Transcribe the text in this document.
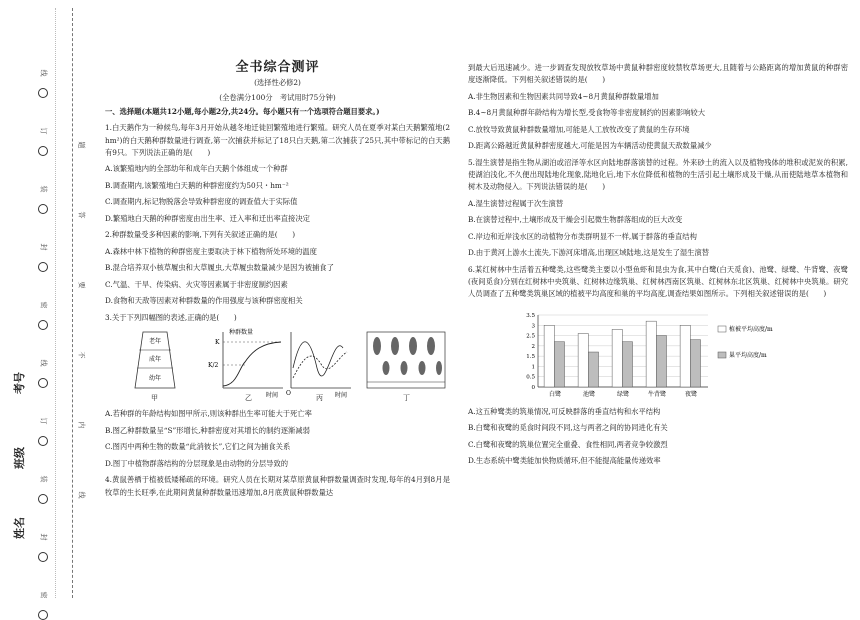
线
订
装
封
密
线
订
装
封
密
题
答
要
不
内
线
考号
班级
姓名
全书综合测评
(选择性必修2)
(全卷满分100分　考试用时75分钟)

一、选择题(本题共12小题,每小题2分,共24分。每小题只有一个选项符合题目要求。)

1.白天鹅作为一种候鸟,每年3月开始从越冬地迁徙回繁殖地进行繁殖。研究人员在夏季对某白天鹅繁殖地(2 hm²)的白天鹅种群数量进行调查,第一次捕获并标记了18只白天鹅,第二次捕获了25只,其中带标记的白天鹅有9只。下列说法正确的是(　　)

A.该繁殖地内的全部幼年和成年白天鹅个体组成一个种群

B.调查期内,该繁殖地白天鹅的种群密度约为50只・hm⁻²

C.调查期内,标记物脱落会导致种群密度的调查值大于实际值

D.繁殖地白天鹅的种群密度由出生率、迁入率和迁出率直接决定

2.种群数量受多种因素的影响,下列有关叙述正确的是(　　)

A.森林中林下植物的种群密度主要取决于林下植物所处环境的温度

B.混合培养双小核草履虫和大草履虫,大草履虫数量减少是因为被捕食了

C.气温、干旱、传染病、火灾等因素属于非密度制约因素

D.食物和天敌等因素对种群数量的作用强度与该种群密度相关

3.关于下列四幅图的表述,正确的是(　　)

老年
成年
幼年
种群数量
K
K/2
时间 O	时间
甲	乙	丙	丁

A.若种群的年龄结构如图甲所示,则该种群出生率可能大于死亡率

B.图乙种群数量呈“S”形增长,种群密度对其增长的制约逐渐减弱

C.图丙中两种生物的数量“此消彼长”,它们之间为捕食关系

D.图丁中植物群落结构的分层现象是由动物的分层导致的

4.黄鼠善栖于植被低矮稀疏的环境。研究人员在长期对某草原黄鼠种群数量调查时发现,每年的4月到8月是牧草的生长旺季,在此期间黄鼠种群数量迅速增加,8月底黄鼠种群数量达

到最大后迅速减少。进一步调查发现放牧草场中黄鼠种群密度较禁牧草场更大,且随着与公路距离的增加黄鼠的种群密度逐渐降低。下列相关叙述错误的是(　　)

A.非生物因素和生物因素共同导致4~8月黄鼠种群数量增加

B.4~8月黄鼠种群年龄结构为增长型,受食物等非密度制约的因素影响较大

C.放牧导致黄鼠种群数量增加,可能是人工放牧改变了黄鼠的生存环境

D.距离公路越近黄鼠种群密度越大,可能是因为车辆活动使黄鼠天敌数量减少

5.湿生演替是指生物从湖泊或沼泽等水区向陆地群落演替的过程。外来砂土的流入以及植物残体的堆积或泥炭的积累,使湖泊浅化,不久便出现陆地化现象,陆地化后,地下水位降低和植物的生活引起土壤形成及干燥,从而使陆地草本植物和树木及动物侵入。下列说法错误的是(　　)

A.湿生演替过程属于次生演替

B.在演替过程中,土壤形成及干燥会引起微生物群落组成的巨大改变

C.岸边和近岸浅水区的动植物分布类群明显不一样,属于群落的垂直结构

D.由于黄河上游水土流失,下游河床增高,出现区域陆地,这是发生了湿生演替

6.某红树林中生活着五种鹭类,这些鹭类主要以小型鱼虾和昆虫为食,其中白鹭(白天觅食)、池鹭、绿鹭、牛背鹭、夜鹭(夜间觅食)分别在红树林中央筑巢、红树林边缘筑巢、红树林西南区筑巢、红树林东北区筑巢、红树林中央筑巢。研究人员调查了五种鹭类筑巢区域的植被平均高度和巢的平均高度,调查结果如图所示。下列相关叙述错误的是(　　)

0
0.5
1
1.5
2
2.5
3
3.5
白鹭	池鹭	绿鹭	牛背鹭	夜鹭
植被平均高度/m
巢平均高度/m

A.这五种鹭类的筑巢情况,可反映群落的垂直结构和水平结构

B.白鹭和夜鹭的觅食时间段不同,这与两者之间的协同进化有关

C.白鹭和夜鹭的筑巢位置完全重叠、食性相同,两者竞争较激烈

D.生态系统中鹭类能加快物质循环,但不能提高能量传递效率
